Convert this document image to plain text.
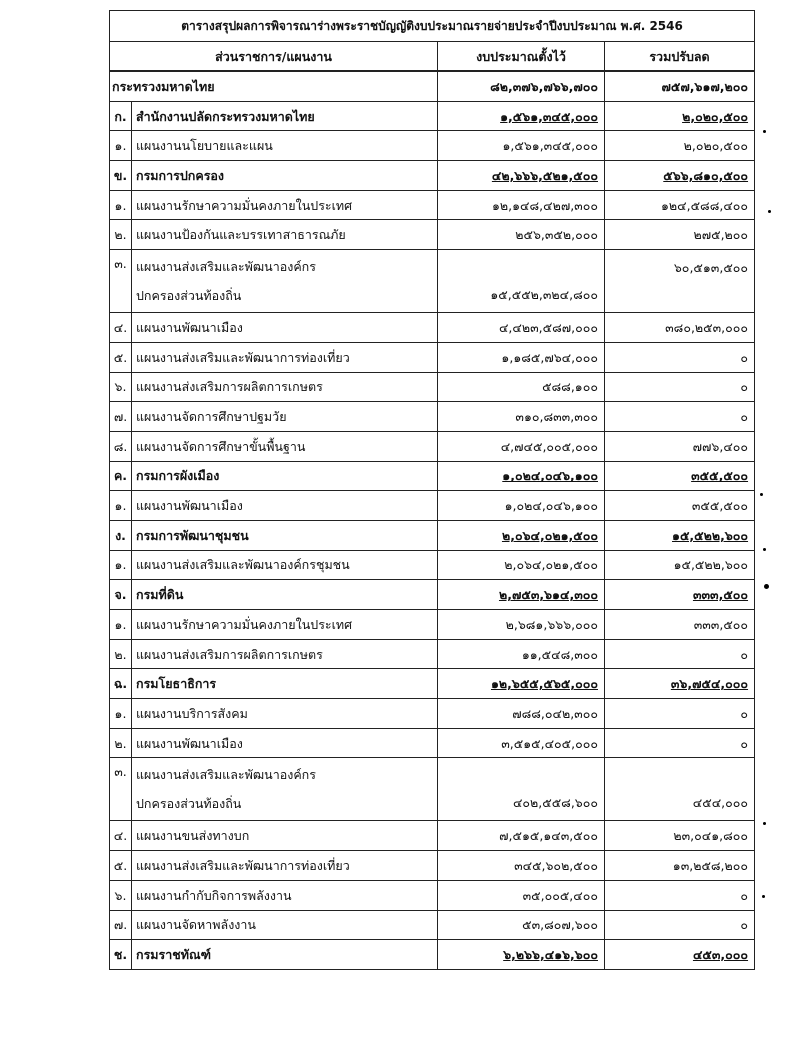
ตารางสรุปผลการพิจารณาร่างพระราชบัญญัติงบประมาณรายจ่ายประจำปีงบประมาณ พ.ศ. 2546			
ส่วนราชการ/แผนงาน		งบประมาณตั้งไว้	รวมปรับลด
กระทรวงมหาดไทย		๘๒,๓๗๖,๗๖๖,๗๐๐	๗๕๗,๖๑๗,๒๐๐
ก.	สำนักงานปลัดกระทรวงมหาดไทย	๑,๕๖๑,๓๔๕,๐๐๐	๒,๐๒๐,๕๐๐
๑.	แผนงานนโยบายและแผน	๑,๕๖๑,๓๔๕,๐๐๐	๒,๐๒๐,๕๐๐
ข.	กรมการปกครอง	๔๒,๖๖๖,๕๒๑,๕๐๐	๕๖๖,๘๑๐,๕๐๐
๑.	แผนงานรักษาความมั่นคงภายในประเทศ	๑๒,๑๔๘,๔๒๗,๓๐๐	๑๒๔,๕๘๘,๔๐๐
๒.	แผนงานป้องกันและบรรเทาสาธารณภัย	๒๕๖,๓๕๒,๐๐๐	๒๗๕,๒๐๐
๓.	แผนงานส่งเสริมและพัฒนาองค์กร
ปกครองส่วนท้องถิ่น	๑๕,๕๕๒,๓๒๔,๘๐๐	๖๐,๕๑๓,๕๐๐

๔.	แผนงานพัฒนาเมือง	๔,๔๒๓,๕๘๗,๐๐๐	๓๘๐,๒๕๓,๐๐๐
๕.	แผนงานส่งเสริมและพัฒนาการท่องเที่ยว	๑,๑๘๕,๗๖๔,๐๐๐	๐
๖.	แผนงานส่งเสริมการผลิตการเกษตร	๕๘๘,๑๐๐	๐
๗.	แผนงานจัดการศึกษาปฐมวัย	๓๑๐,๘๓๓,๓๐๐	๐
๘.	แผนงานจัดการศึกษาขั้นพื้นฐาน	๔,๗๔๕,๐๐๕,๐๐๐	๗๗๖,๔๐๐
ค.	กรมการผังเมือง	๑,๐๒๔,๐๔๖,๑๐๐	๓๕๕,๕๐๐
๑.	แผนงานพัฒนาเมือง	๑,๐๒๔,๐๔๖,๑๐๐	๓๕๕,๕๐๐
ง.	กรมการพัฒนาชุมชน	๒,๐๖๔,๐๒๑,๕๐๐	๑๕,๕๒๒,๖๐๐
๑.	แผนงานส่งเสริมและพัฒนาองค์กรชุมชน	๒,๐๖๔,๐๒๑,๕๐๐	๑๕,๕๒๒,๖๐๐
จ.	กรมที่ดิน	๒,๗๕๓,๖๑๔,๓๐๐	๓๓๓,๕๐๐
๑.	แผนงานรักษาความมั่นคงภายในประเทศ	๒,๖๘๑,๖๖๖,๐๐๐	๓๓๓,๕๐๐
๒.	แผนงานส่งเสริมการผลิตการเกษตร	๑๑,๕๔๘,๓๐๐	๐
ฉ.	กรมโยธาธิการ	๑๒,๖๕๕,๕๖๕,๐๐๐	๓๖,๗๕๔,๐๐๐
๑.	แผนงานบริการสังคม	๗๘๘,๐๔๒,๓๐๐	๐
๒.	แผนงานพัฒนาเมือง	๓,๕๑๕,๔๐๕,๐๐๐	๐
๓.	แผนงานส่งเสริมและพัฒนาองค์กร
ปกครองส่วนท้องถิ่น	๔๐๒,๕๕๘,๖๐๐	๔๕๔,๐๐๐

๔.	แผนงานขนส่งทางบก	๗,๕๑๕,๑๔๓,๕๐๐	๒๓,๐๔๑,๘๐๐
๕.	แผนงานส่งเสริมและพัฒนาการท่องเที่ยว	๓๔๕,๖๐๒,๕๐๐	๑๓,๒๕๘,๒๐๐
๖.	แผนงานกำกับกิจการพลังงาน	๓๕,๐๐๕,๔๐๐	๐
๗.	แผนงานจัดหาพลังงาน	๕๓,๘๐๗,๖๐๐	๐
ช.	กรมราชทัณฑ์	๖,๒๖๖,๔๑๖,๖๐๐	๔๕๓,๐๐๐
